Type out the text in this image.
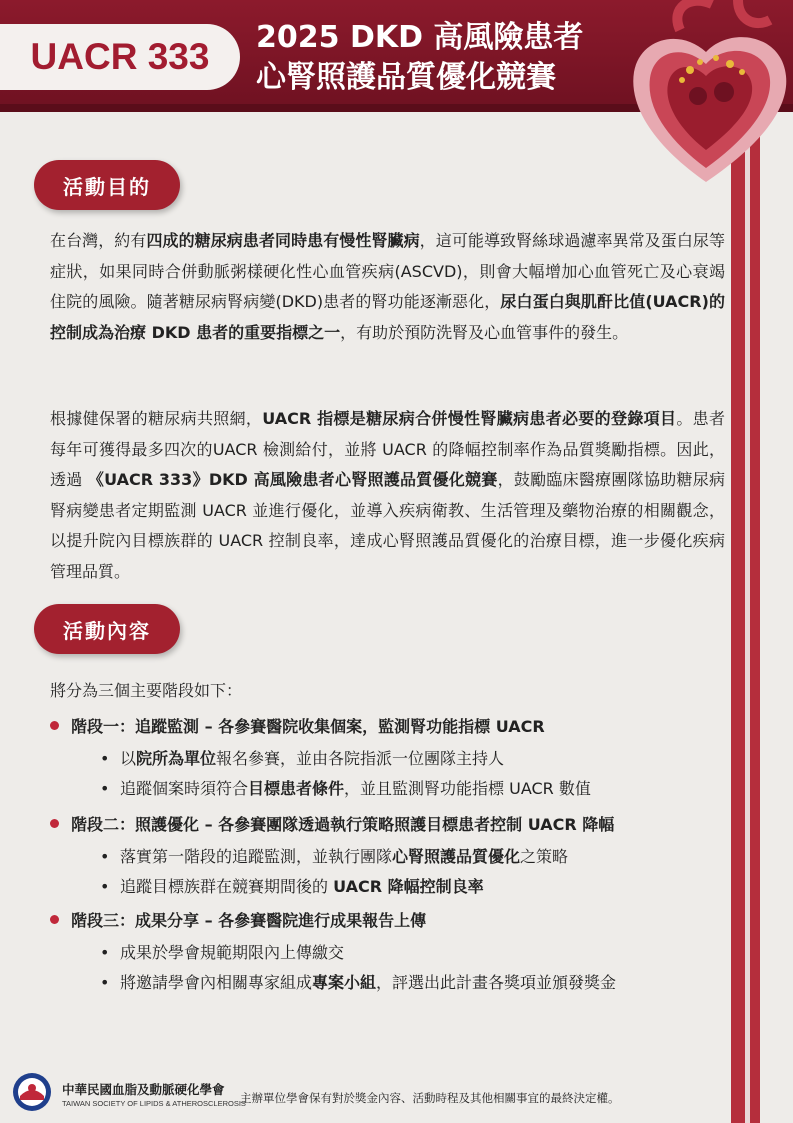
UACR 333	2025 DKD 高風險患者
心腎照護品質優化競賽
活動目的
在台灣，約有四成的糖尿病患者同時患有慢性腎臟病，這可能導致腎絲球過濾率異常及蛋白尿等症狀，如果同時合併動脈粥樣硬化性心血管疾病(ASCVD)，則會大幅增加心血管死亡及心衰竭住院的風險。隨著糖尿病腎病變(DKD)患者的腎功能逐漸惡化，尿白蛋白與肌酐比值(UACR)的控制成為治療 DKD 患者的重要指標之一，有助於預防洗腎及心血管事件的發生。
根據健保署的糖尿病共照網，UACR 指標是糖尿病合併慢性腎臟病患者必要的登錄項目。患者每年可獲得最多四次的UACR 檢測給付，並將 UACR 的降幅控制率作為品質獎勵指標。因此，透過 《UACR 333》DKD 高風險患者心腎照護品質優化競賽，鼓勵臨床醫療團隊協助糖尿病腎病變患者定期監測 UACR 並進行優化，並導入疾病衛教、生活管理及藥物治療的相關觀念，以提升院內目標族群的 UACR 控制良率，達成心腎照護品質優化的治療目標，進一步優化疾病管理品質。
活動內容
將分為三個主要階段如下：
階段一：追蹤監測 – 各參賽醫院收集個案，監測腎功能指標 UACR
• 以院所為單位報名參賽，並由各院指派一位團隊主持人
• 追蹤個案時須符合目標患者條件，並且監測腎功能指標 UACR 數值
階段二：照護優化 – 各參賽團隊透過執行策略照護目標患者控制 UACR 降幅
• 落實第一階段的追蹤監測，並執行團隊心腎照護品質優化之策略
• 追蹤目標族群在競賽期間後的 UACR 降幅控制良率
階段三：成果分享 – 各參賽醫院進行成果報告上傳
• 成果於學會規範期限內上傳繳交
• 將邀請學會內相關專家組成專案小組，評選出此計畫各獎項並頒發獎金
中華民國血脂及動脈硬化學會
TAIWAN SOCIETY OF LIPIDS & ATHEROSCLEROSIS
主辦單位學會保有對於獎金內容、活動時程及其他相關事宜的最終決定權。
